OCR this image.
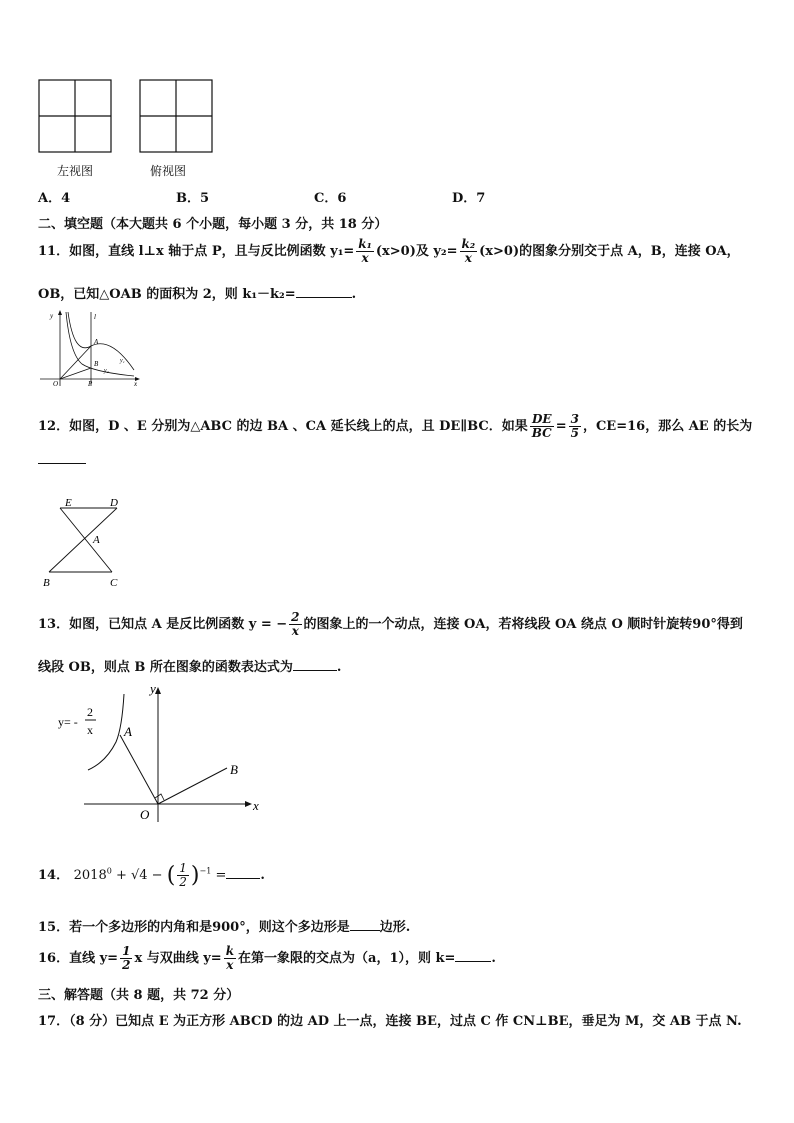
左视图	俯视图
A．4	B．5	C．6	D．7
二、填空题（本大题共 6 个小题，每小题 3 分，共 18 分）
11．如图，直线 l⊥x 轴于点 P，且与反比例函数 $y_1= \frac{\text{k₁}}{x} (x>0)$及 $y_2= \frac{\text{k₂}}{x} (x>0)$的图象分别交于点 A，B，连接 OA，
OB，已知△OAB 的面积为 2，则 k₁－k₂=	.
y	l
A
B
O	P	x
y₁
y₂
12．如图，D 、E 分别为△ABC 的边 BA 、CA 延长线上的点，且 DE∥BC．如果 $\frac{DE}{BC} = \frac{3}{5}$ ，CE=16，那么 AE 的长为
E	D
A
B	C
13．如图，已知点 A 是反比例函数 y = − $\frac{2}{x}$ 的图象上的一个动点，连接 OA，若将线段 OA 绕点 O 顺时针旋转90°得到
线段 OB，则点 B 所在图象的函数表达式为	.
y
x
O
A
B
y= -
2
x
14． $2018^0 + √4$ − ( $\frac{1}{2} )^{-1}$ =	.
15．若一个多边形的内角和是900°，则这个多边形是 边形.
16．直线 $y= \frac{1}{2}$ x 与双曲线 $y= \frac{k}{x}$ 在第一象限的交点为（a，1），则 k=	.
三、解答题（共 8 题，共 72 分）
17．（8 分）已知点 E 为正方形 ABCD 的边 AD 上一点，连接 BE，过点 C 作 CN⊥BE，垂足为 M，交 AB 于点 N.
